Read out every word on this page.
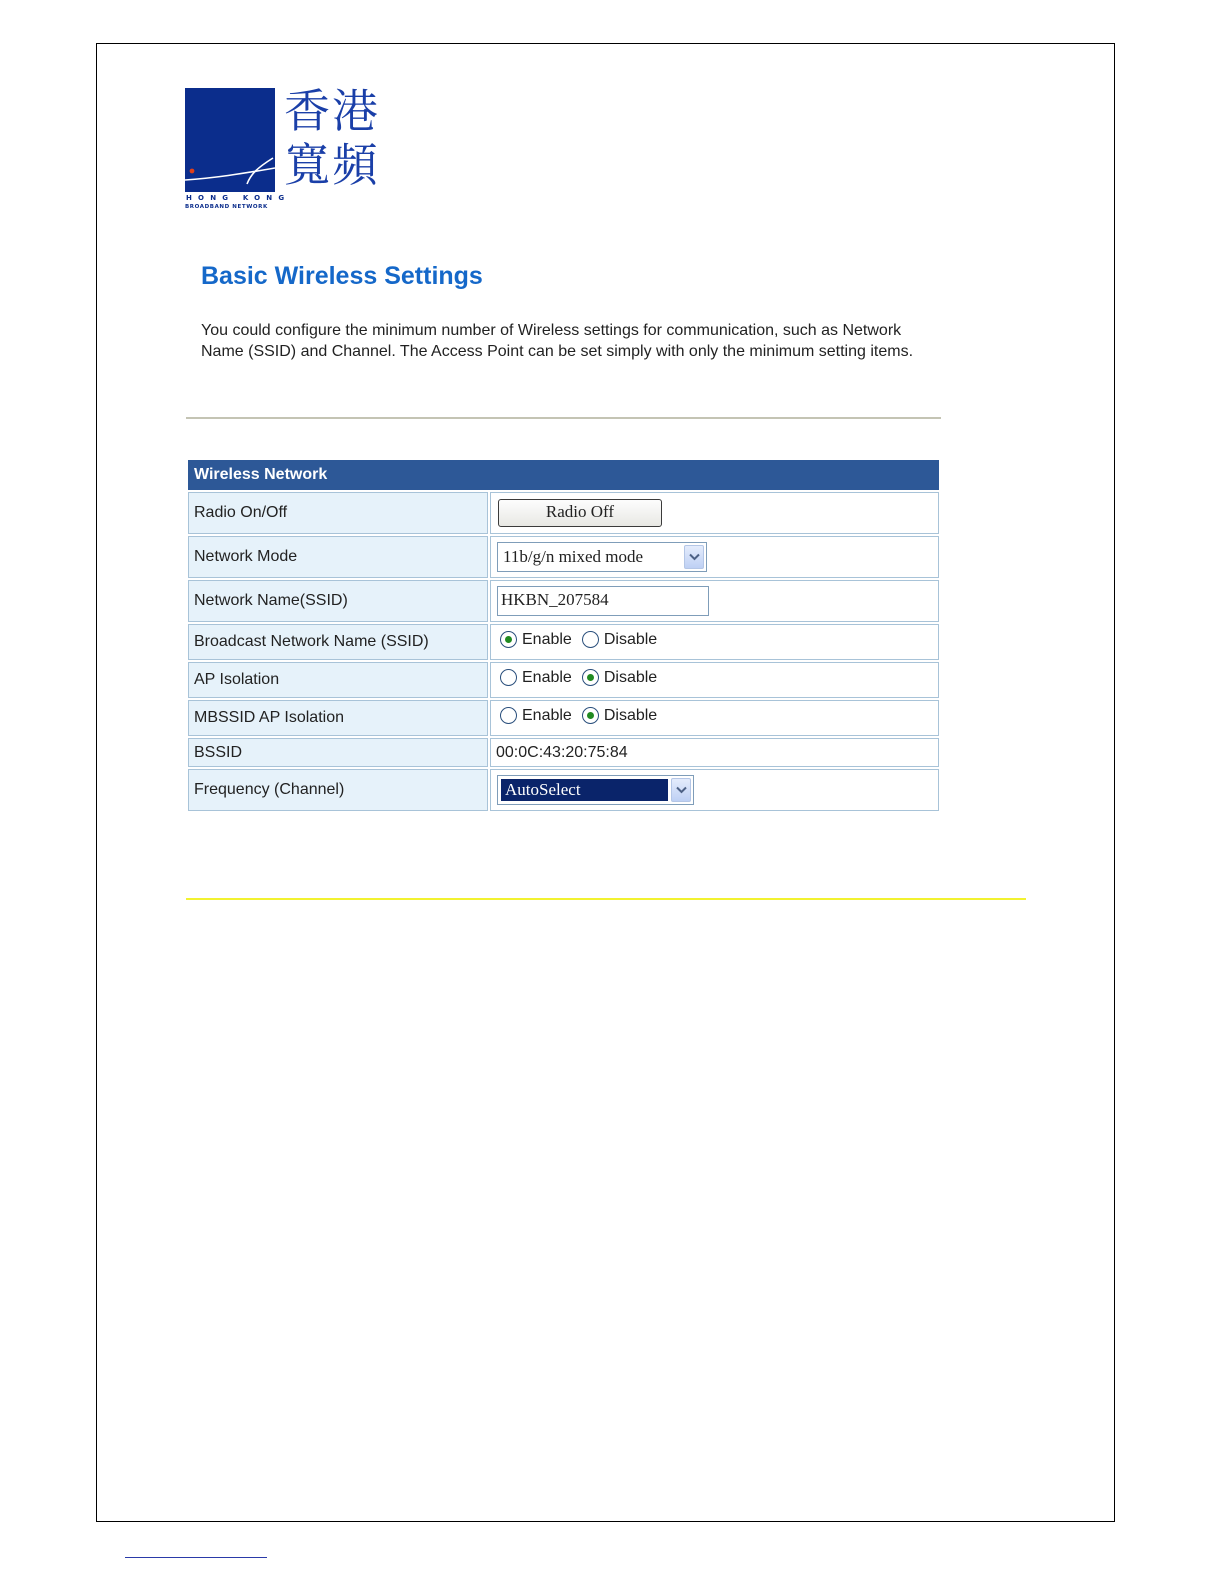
香港
寬頻
HONG KONG
BROADBAND NETWORK
Basic Wireless Settings

You could configure the minimum number of Wireless settings for communication, such as Network Name (SSID) and Channel. The Access Point can be set simply with only the minimum setting items.

Wireless Network	
Radio On/Off	Radio Off
Network Mode	11b/g/n mixed mode

Network Name(SSID)	HKBN_207584
Broadcast Network Name (SSID)	Enable Disable

AP Isolation	Enable Disable

MBSSID AP Isolation	Enable Disable

BSSID	00:0C:43:20:75:84
Frequency (Channel)	AutoSelect
